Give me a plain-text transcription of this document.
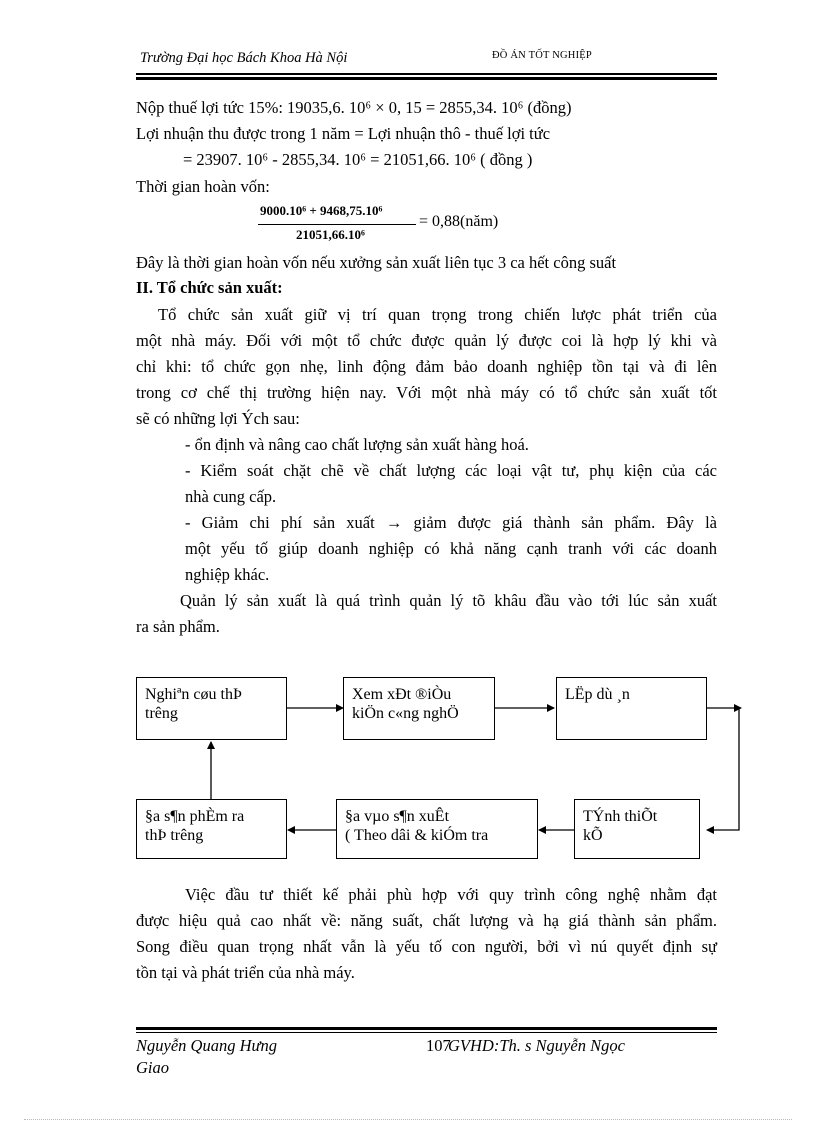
Trường Đại học Bách Khoa Hà Nội	ĐỒ ÁN TỐT NGHIỆP
Nộp thuế lợi tức 15%: 19035,6. 10⁶ × 0, 15 = 2855,34. 10⁶ (đồng)
Lợi nhuận thu được trong 1 năm = Lợi nhuận thô - thuế lợi tức
= 23907. 10⁶ - 2855,34. 10⁶ = 21051,66. 10⁶ ( đồng )
Thời gian hoàn vốn:
9000.10⁶ + 9468,75.10⁶
21051,66.10⁶
= 0,88(năm)
Đây là thời gian hoàn vốn nếu xưởng sản xuất liên tục 3 ca hết công suất
II. Tổ chức sản xuất:
Tổ chức sản xuất giữ vị trí quan trọng trong chiến lược phát triển của
một nhà máy. Đối với một tổ chức được quản lý được coi là hợp lý khi và
chỉ khi: tổ chức gọn nhẹ, linh động đảm bảo doanh nghiệp tồn tại và đi lên
trong cơ chế thị trường hiện nay. Với một nhà máy có tổ chức sản xuất tốt
sẽ có những lợi Ých sau:
- ổn định và nâng cao chất lượng sản xuất hàng hoá.
- Kiểm soát chặt chẽ về chất lượng các loại vật tư, phụ kiện của các
nhà cung cấp.
- Giảm chi phí sản xuất → giảm được giá thành sản phẩm. Đây là
một yếu tố giúp doanh nghiệp có khả năng cạnh tranh với các doanh
nghiệp khác.
Quản lý sản xuất là quá trình quản lý tõ khâu đầu vào tới lúc sản xuất
ra sản phẩm.
Nghiªn cøu thÞ
trêng
Xem xÐt ®iÒu
kiÖn c«ng nghÖ
LËp dù ¸n
TÝnh thiÕt
kÕ
§a vµo s¶n xuÊt
( Theo dâi & kiÓm tra
§a s¶n phÈm ra
thÞ trêng
Việc đầu tư thiết kế phải phù hợp với quy trình công nghệ nhằm đạt
được hiệu quả cao nhất về: năng suất, chất lượng và hạ giá thành sản phẩm.
Song điều quan trọng nhất vẫn là yếu tố con người, bởi vì nú quyết định sự
tồn tại và phát triển của nhà máy.
Nguyễn Quang Hưng	107
GVHD:Th. s Nguyễn Ngọc
Giao
